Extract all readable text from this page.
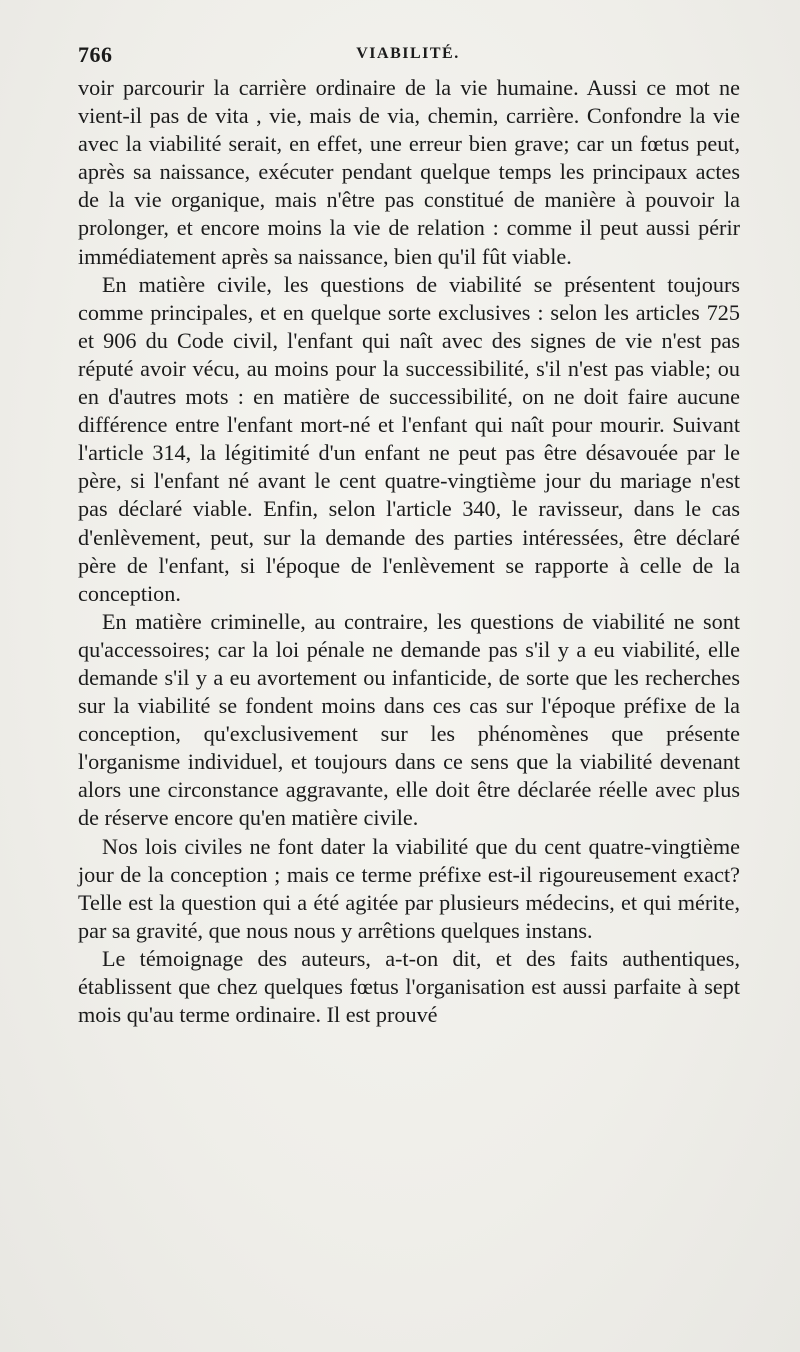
766	VIABILITÉ.

voir parcourir la carrière ordinaire de la vie humaine. Aussi ce mot ne vient-il pas de vita , vie, mais de via, chemin, carrière. Confondre la vie avec la viabilité serait, en effet, une erreur bien grave; car un fœtus peut, après sa naissance, exécuter pendant quelque temps les principaux actes de la vie organique, mais n'être pas constitué de manière à pouvoir la prolonger, et encore moins la vie de relation : comme il peut aussi périr immédiatement après sa naissance, bien qu'il fût viable.

En matière civile, les questions de viabilité se présentent toujours comme principales, et en quelque sorte exclusives : selon les articles 725 et 906 du Code civil, l'enfant qui naît avec des signes de vie n'est pas réputé avoir vécu, au moins pour la successibilité, s'il n'est pas viable; ou en d'autres mots : en matière de successibilité, on ne doit faire aucune différence entre l'enfant mort-né et l'enfant qui naît pour mourir. Suivant l'article 314, la légitimité d'un enfant ne peut pas être désavouée par le père, si l'enfant né avant le cent quatre-vingtième jour du mariage n'est pas déclaré viable. Enfin, selon l'article 340, le ravisseur, dans le cas d'enlèvement, peut, sur la demande des parties intéressées, être déclaré père de l'enfant, si l'époque de l'enlèvement se rapporte à celle de la conception.

En matière criminelle, au contraire, les questions de viabilité ne sont qu'accessoires; car la loi pénale ne demande pas s'il y a eu viabilité, elle demande s'il y a eu avortement ou infanticide, de sorte que les recherches sur la viabilité se fondent moins dans ces cas sur l'époque préfixe de la conception, qu'exclusivement sur les phénomènes que présente l'organisme individuel, et toujours dans ce sens que la viabilité devenant alors une circonstance aggravante, elle doit être déclarée réelle avec plus de réserve encore qu'en matière civile.

Nos lois civiles ne font dater la viabilité que du cent quatre-vingtième jour de la conception ; mais ce terme préfixe est-il rigoureusement exact? Telle est la question qui a été agitée par plusieurs médecins, et qui mérite, par sa gravité, que nous nous y arrêtions quelques instans.

Le témoignage des auteurs, a-t-on dit, et des faits authentiques, établissent que chez quelques fœtus l'organisation est aussi parfaite à sept mois qu'au terme ordinaire. Il est prouvé
